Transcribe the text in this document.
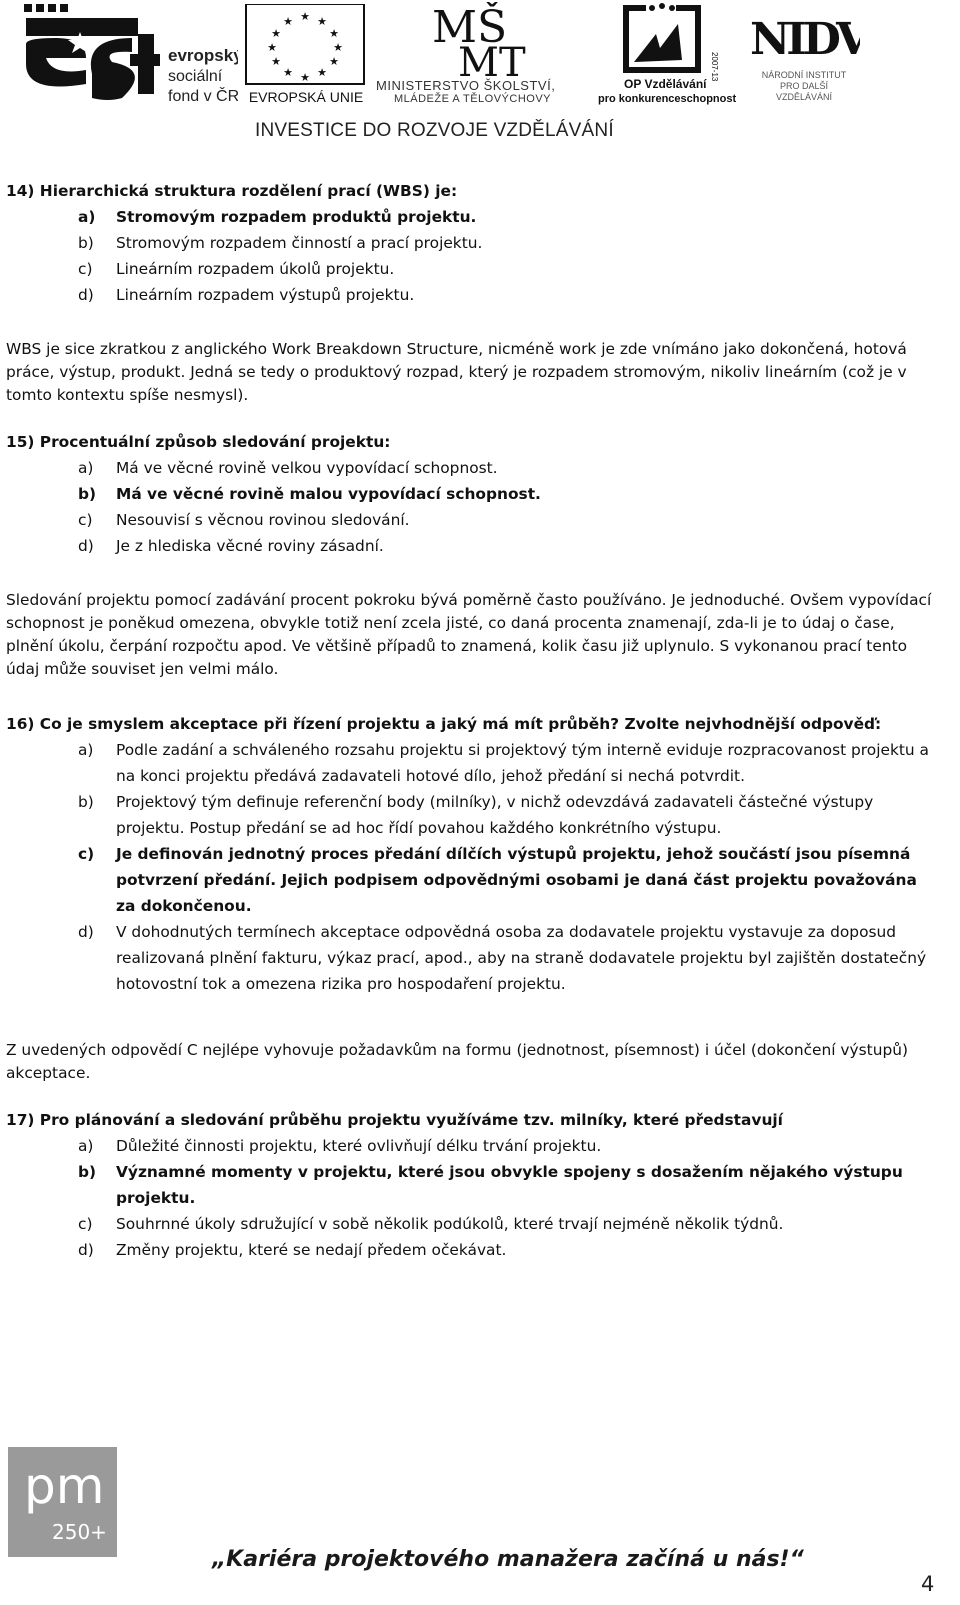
evropský
sociální
fond v ČR
★ ★
★
★
★
★
★
★
★
★
★
★
EVROPSKÁ UNIE
MŠ
MT
MINISTERSTVO ŠKOLSTVÍ,
MLÁDEŽE A TĚLOVÝCHOVY
2007-13
OP Vzdělávání
pro konkurenceschopnost
NIDV
NÁRODNÍ INSTITUT
PRO DALŠÍ
VZDĚLÁVÁNÍ
INVESTICE DO ROZVOJE VZDĚLÁVÁNÍ
14) Hierarchická struktura rozdělení prací (WBS) je:
a)	Stromovým rozpadem produktů projektu.
b)	Stromovým rozpadem činností a prací projektu.
c)	Lineárním rozpadem úkolů projektu.
d)	Lineárním rozpadem výstupů projektu.
WBS je sice zkratkou z anglického Work Breakdown Structure, nicméně work je zde vnímáno jako dokončená, hotová práce, výstup, produkt. Jedná se tedy o produktový rozpad, který je rozpadem stromovým, nikoliv lineárním (což je v tomto kontextu spíše nesmysl).
15) Procentuální způsob sledování projektu:
a)	Má ve věcné rovině velkou vypovídací schopnost.
b)	Má ve věcné rovině malou vypovídací schopnost.
c)	Nesouvisí s věcnou rovinou sledování.
d)	Je z hlediska věcné roviny zásadní.
Sledování projektu pomocí zadávání procent pokroku bývá poměrně často používáno. Je jednoduché. Ovšem vypovídací schopnost je poněkud omezena, obvykle totiž není zcela jisté, co daná procenta znamenají, zda-li je to údaj o čase, plnění úkolu, čerpání rozpočtu apod. Ve většině případů to znamená, kolik času již uplynulo. S vykonanou prací tento údaj může souviset jen velmi málo.
16) Co je smyslem akceptace při řízení projektu a jaký má mít průběh? Zvolte nejvhodnější odpověď:
a)	Podle zadání a schváleného rozsahu projektu si projektový tým interně eviduje rozpracovanost projektu a na konci projektu předává zadavateli hotové dílo, jehož předání si nechá potvrdit.
b)	Projektový tým definuje referenční body (milníky), v nichž odevzdává zadavateli částečné výstupy projektu. Postup předání se ad hoc řídí povahou každého konkrétního výstupu.
c)	Je definován jednotný proces předání dílčích výstupů projektu, jehož součástí jsou písemná potvrzení předání. Jejich podpisem odpovědnými osobami je daná část projektu považována za dokončenou.
d)	V dohodnutých termínech akceptace odpovědná osoba za dodavatele projektu vystavuje za doposud realizovaná plnění fakturu, výkaz prací, apod., aby na straně dodavatele projektu byl zajištěn dostatečný hotovostní tok a omezena rizika pro hospodaření projektu.
Z uvedených odpovědí C nejlépe vyhovuje požadavkům na formu (jednotnost, písemnost) i účel (dokončení výstupů) akceptace.
17) Pro plánování a sledování průběhu projektu využíváme tzv. milníky, které představují
a)	Důležité činnosti projektu, které ovlivňují délku trvání projektu.
b)	Významné momenty v projektu, které jsou obvykle spojeny s dosažením nějakého výstupu projektu.
c)	Souhrnné úkoly sdružující v sobě několik podúkolů, které trvají nejméně několik týdnů.
d)	Změny projektu, které se nedají předem očekávat.
pm
250+
„Kariéra projektového manažera začíná u nás!“
4
